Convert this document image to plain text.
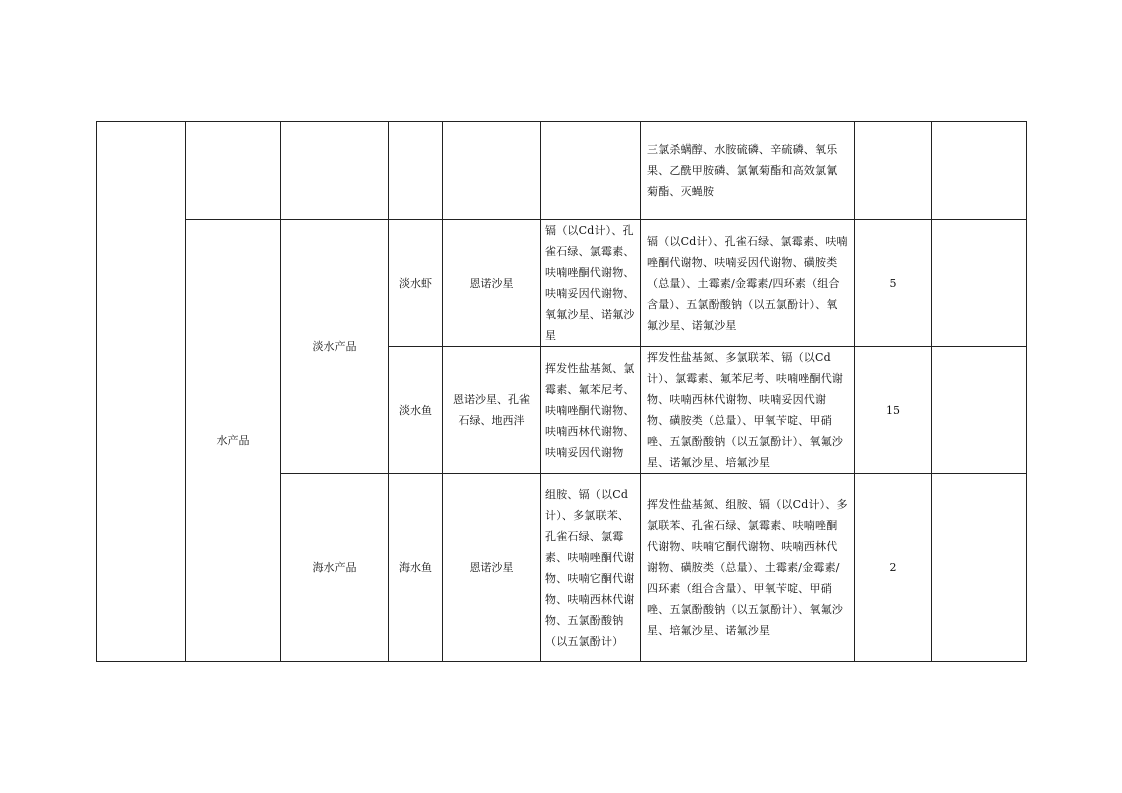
						三氯杀螨醇、水胺硫磷、辛硫磷、氧乐果、乙酰甲胺磷、氯氰菊酯和高效氯氰菊酯、灭蝇胺		
	水产品	淡水产品	淡水虾	恩诺沙星	镉（以Cd计）、孔雀石绿、氯霉素、呋喃唑酮代谢物、呋喃妥因代谢物、氧氟沙星、诺氟沙星	镉（以Cd计）、孔雀石绿、氯霉素、呋喃唑酮代谢物、呋喃妥因代谢物、磺胺类（总量）、土霉素/金霉素/四环素（组合含量）、五氯酚酸钠（以五氯酚计）、氧氟沙星、诺氟沙星	5	
			淡水鱼	恩诺沙星、孔雀石绿、地西泮	挥发性盐基氮、氯霉素、氟苯尼考、呋喃唑酮代谢物、呋喃西林代谢物、呋喃妥因代谢物	挥发性盐基氮、多氯联苯、镉（以Cd计）、氯霉素、氟苯尼考、呋喃唑酮代谢物、呋喃西林代谢物、呋喃妥因代谢物、磺胺类（总量）、甲氧苄啶、甲硝唑、五氯酚酸钠（以五氯酚计）、氧氟沙星、诺氟沙星、培氟沙星	15	
		海水产品	海水鱼	恩诺沙星	组胺、镉（以Cd计）、多氯联苯、孔雀石绿、氯霉素、呋喃唑酮代谢物、呋喃它酮代谢物、呋喃西林代谢物、五氯酚酸钠（以五氯酚计）	挥发性盐基氮、组胺、镉（以Cd计）、多氯联苯、孔雀石绿、氯霉素、呋喃唑酮代谢物、呋喃它酮代谢物、呋喃西林代谢物、磺胺类（总量）、土霉素/金霉素/四环素（组合含量）、甲氧苄啶、甲硝唑、五氯酚酸钠（以五氯酚计）、氧氟沙星、培氟沙星、诺氟沙星	2	
